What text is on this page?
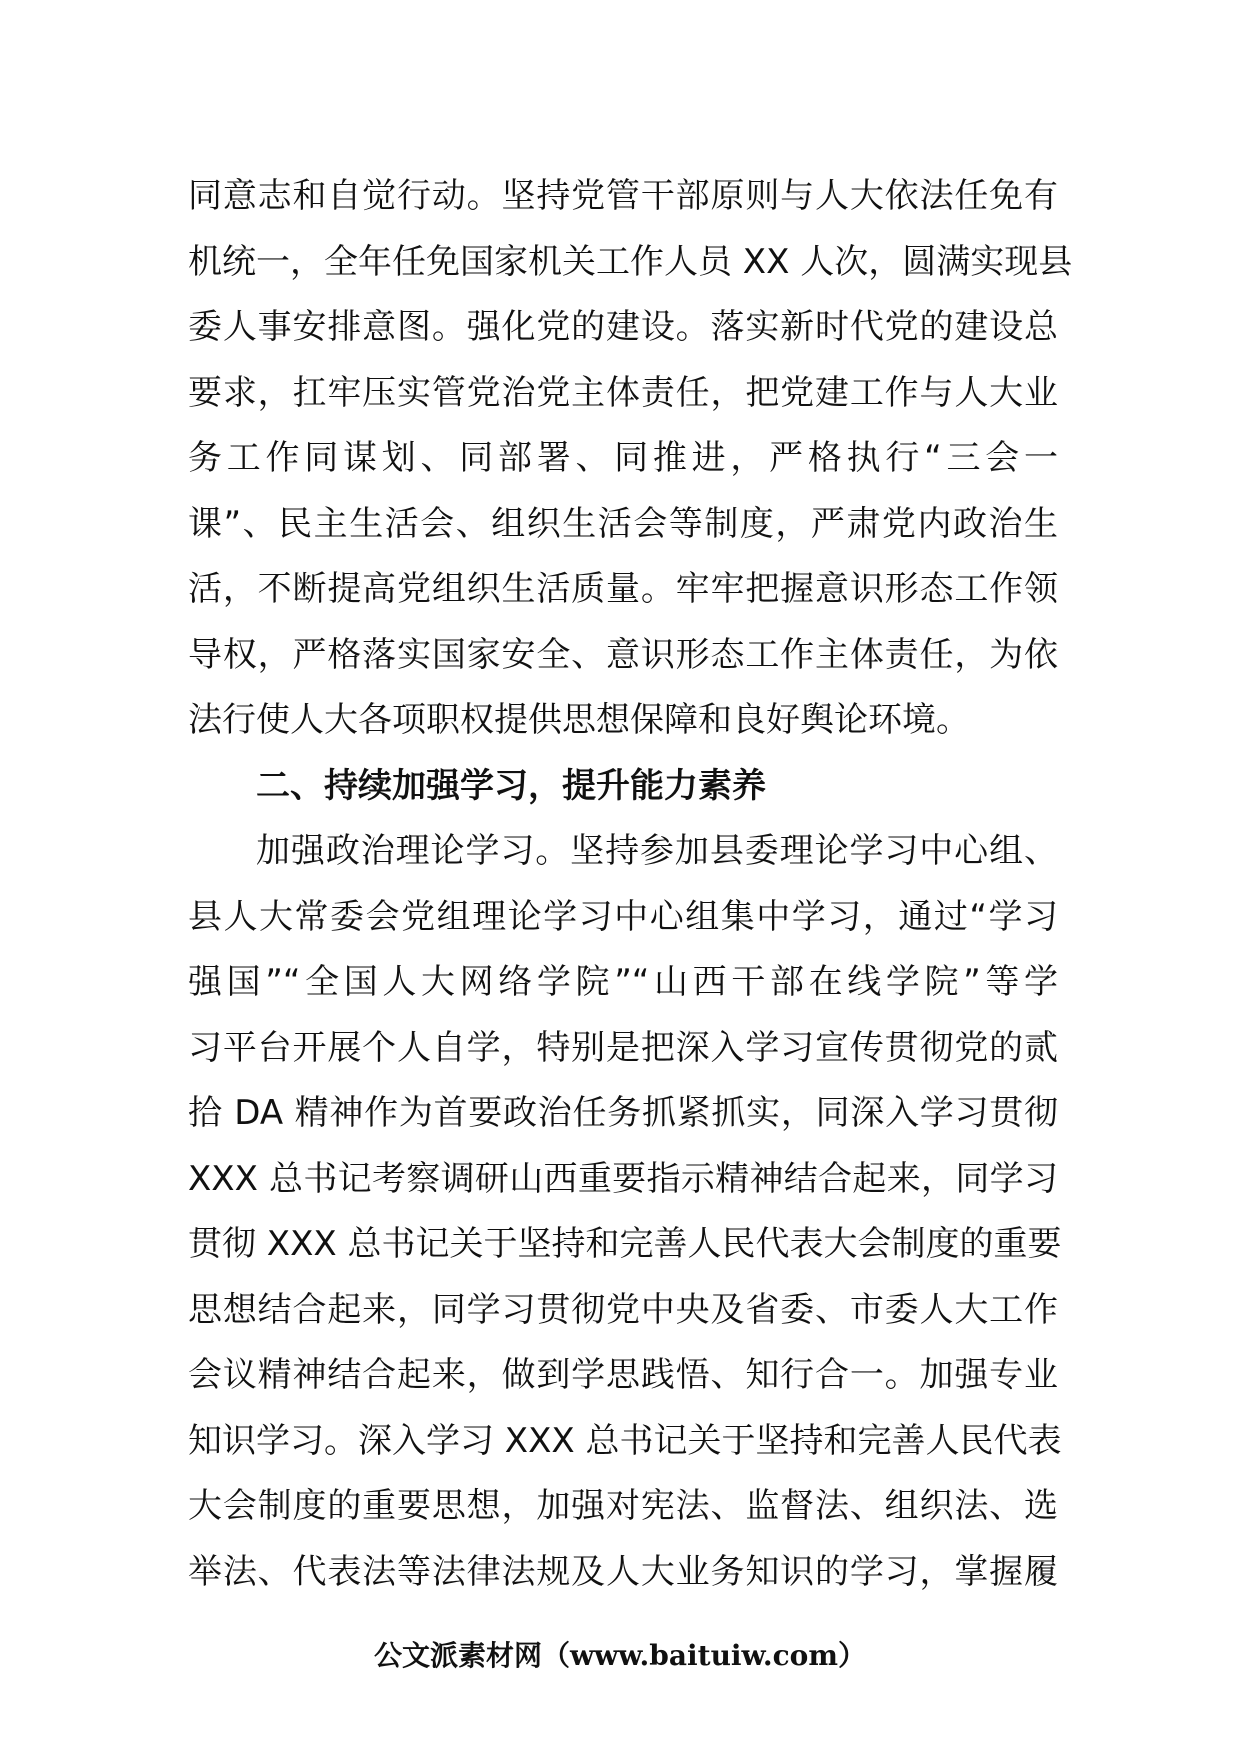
同意志和自觉行动。坚持党管干部原则与人大依法任免有
机统一，全年任免国家机关工作人员 XX 人次，圆满实现县
委人事安排意图。强化党的建设。落实新时代党的建设总
要求，扛牢压实管党治党主体责任，把党建工作与人大业
务工作同谋划、同部署、同推进，严格执行“三会一
课”、民主生活会、组织生活会等制度，严肃党内政治生
活，不断提高党组织生活质量。牢牢把握意识形态工作领
导权，严格落实国家安全、意识形态工作主体责任，为依
法行使人大各项职权提供思想保障和良好舆论环境。
二、持续加强学习，提升能力素养
加强政治理论学习。坚持参加县委理论学习中心组、
县人大常委会党组理论学习中心组集中学习，通过“学习
强国”“全国人大网络学院”“山西干部在线学院”等学
习平台开展个人自学，特别是把深入学习宣传贯彻党的贰
拾 DA 精神作为首要政治任务抓紧抓实，同深入学习贯彻
XXX 总书记考察调研山西重要指示精神结合起来，同学习
贯彻 XXX 总书记关于坚持和完善人民代表大会制度的重要
思想结合起来，同学习贯彻党中央及省委、市委人大工作
会议精神结合起来，做到学思践悟、知行合一。加强专业
知识学习。深入学习 XXX 总书记关于坚持和完善人民代表
大会制度的重要思想，加强对宪法、监督法、组织法、选
举法、代表法等法律法规及人大业务知识的学习，掌握履
公文派素材网（www.baituiw.com）
